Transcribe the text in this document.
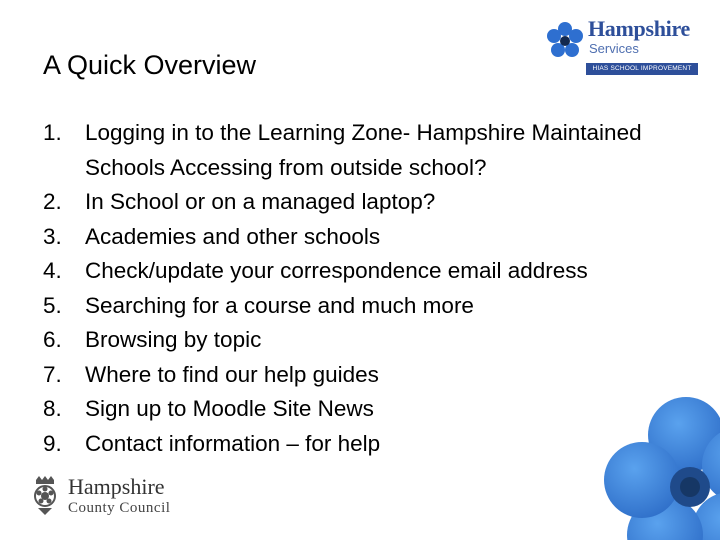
Hampshire
Services
HIAS SCHOOL IMPROVEMENT
A Quick Overview
1.	Logging in to the Learning Zone- Hampshire Maintained Schools Accessing from outside school?
2.	In School or on a managed laptop?
3.	Academies and other schools
4.	Check/update your correspondence email address
5.	Searching for a course and much more
6.	Browsing by topic
7.	Where to find our help guides
8.	Sign up to Moodle Site News
9.	Contact information – for help
Hampshire
County Council
